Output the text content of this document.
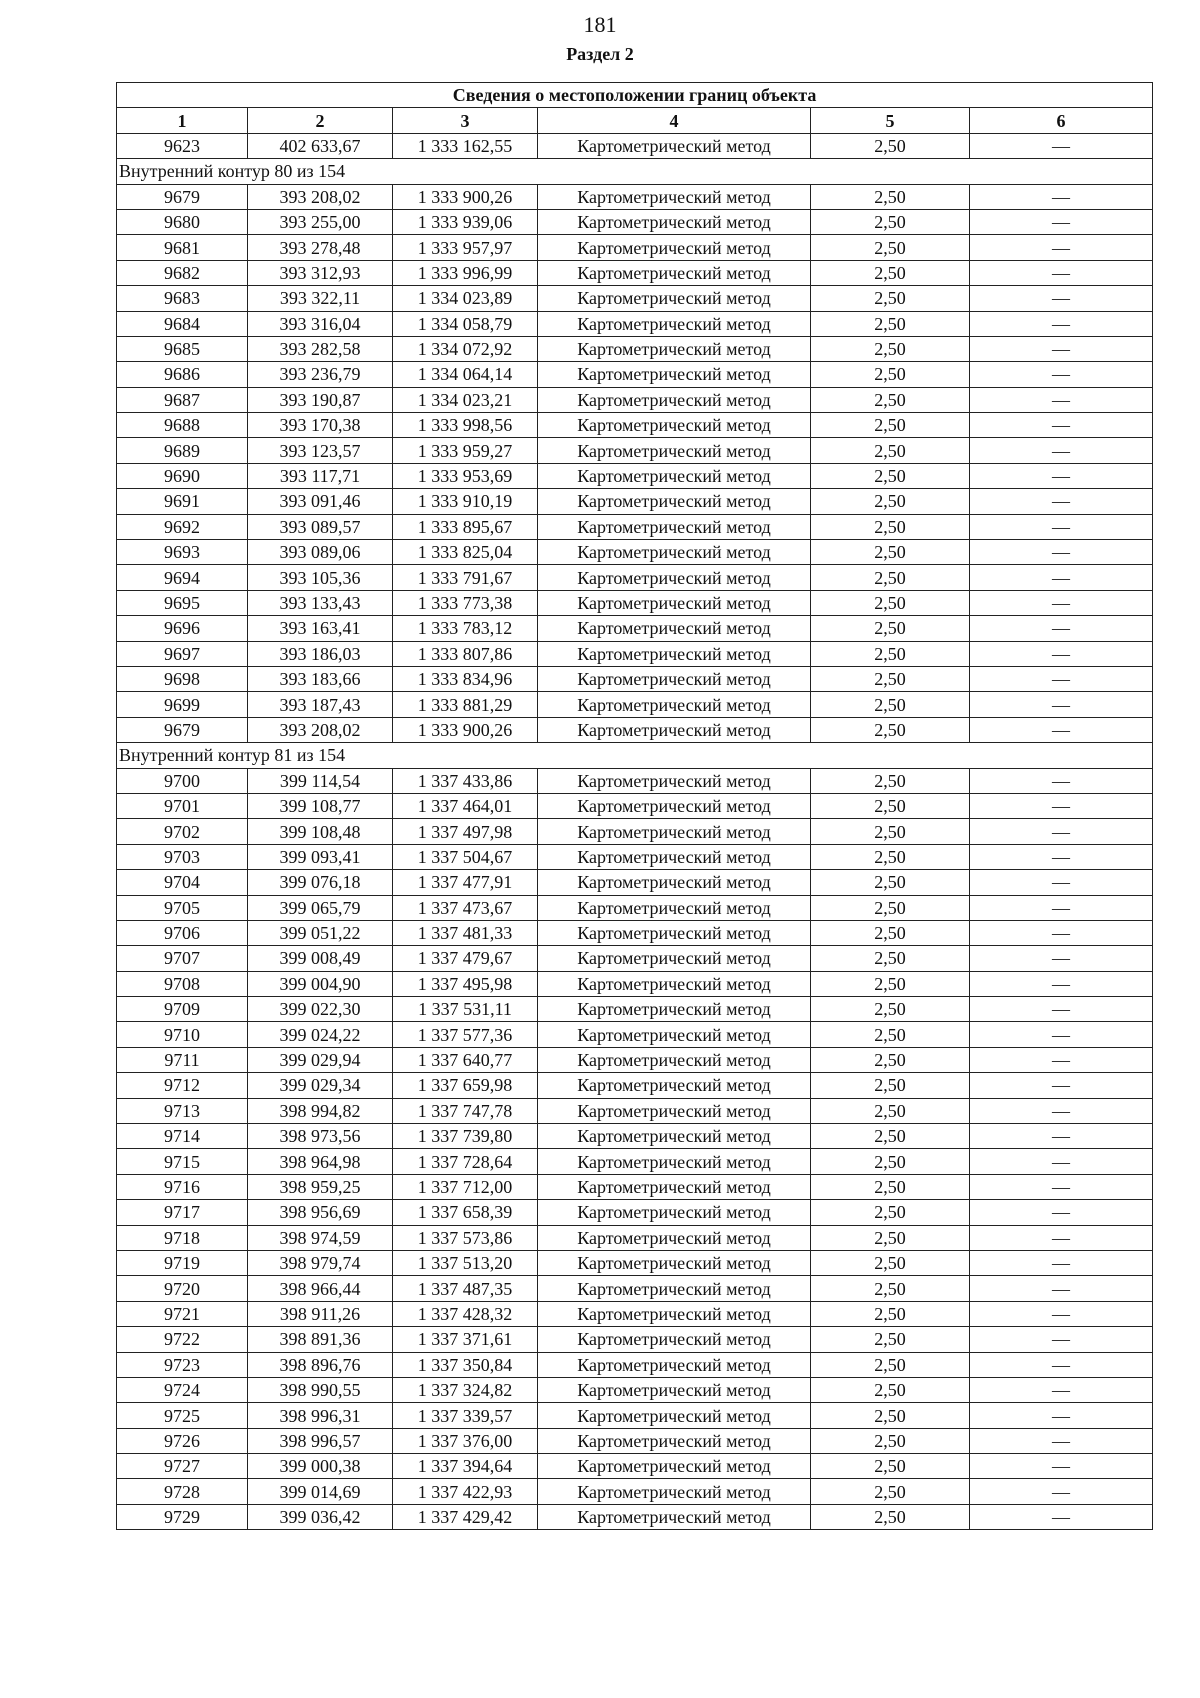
181
Раздел 2
Сведения о местоположении границ объекта					
1	2	3	4	5	6
9623	402 633,67	1 333 162,55	Картометрический метод	2,50	—
Внутренний контур 80 из 154					
9679	393 208,02	1 333 900,26	Картометрический метод	2,50	—
9680	393 255,00	1 333 939,06	Картометрический метод	2,50	—
9681	393 278,48	1 333 957,97	Картометрический метод	2,50	—
9682	393 312,93	1 333 996,99	Картометрический метод	2,50	—
9683	393 322,11	1 334 023,89	Картометрический метод	2,50	—
9684	393 316,04	1 334 058,79	Картометрический метод	2,50	—
9685	393 282,58	1 334 072,92	Картометрический метод	2,50	—
9686	393 236,79	1 334 064,14	Картометрический метод	2,50	—
9687	393 190,87	1 334 023,21	Картометрический метод	2,50	—
9688	393 170,38	1 333 998,56	Картометрический метод	2,50	—
9689	393 123,57	1 333 959,27	Картометрический метод	2,50	—
9690	393 117,71	1 333 953,69	Картометрический метод	2,50	—
9691	393 091,46	1 333 910,19	Картометрический метод	2,50	—
9692	393 089,57	1 333 895,67	Картометрический метод	2,50	—
9693	393 089,06	1 333 825,04	Картометрический метод	2,50	—
9694	393 105,36	1 333 791,67	Картометрический метод	2,50	—
9695	393 133,43	1 333 773,38	Картометрический метод	2,50	—
9696	393 163,41	1 333 783,12	Картометрический метод	2,50	—
9697	393 186,03	1 333 807,86	Картометрический метод	2,50	—
9698	393 183,66	1 333 834,96	Картометрический метод	2,50	—
9699	393 187,43	1 333 881,29	Картометрический метод	2,50	—
9679	393 208,02	1 333 900,26	Картометрический метод	2,50	—
Внутренний контур 81 из 154					
9700	399 114,54	1 337 433,86	Картометрический метод	2,50	—
9701	399 108,77	1 337 464,01	Картометрический метод	2,50	—
9702	399 108,48	1 337 497,98	Картометрический метод	2,50	—
9703	399 093,41	1 337 504,67	Картометрический метод	2,50	—
9704	399 076,18	1 337 477,91	Картометрический метод	2,50	—
9705	399 065,79	1 337 473,67	Картометрический метод	2,50	—
9706	399 051,22	1 337 481,33	Картометрический метод	2,50	—
9707	399 008,49	1 337 479,67	Картометрический метод	2,50	—
9708	399 004,90	1 337 495,98	Картометрический метод	2,50	—
9709	399 022,30	1 337 531,11	Картометрический метод	2,50	—
9710	399 024,22	1 337 577,36	Картометрический метод	2,50	—
9711	399 029,94	1 337 640,77	Картометрический метод	2,50	—
9712	399 029,34	1 337 659,98	Картометрический метод	2,50	—
9713	398 994,82	1 337 747,78	Картометрический метод	2,50	—
9714	398 973,56	1 337 739,80	Картометрический метод	2,50	—
9715	398 964,98	1 337 728,64	Картометрический метод	2,50	—
9716	398 959,25	1 337 712,00	Картометрический метод	2,50	—
9717	398 956,69	1 337 658,39	Картометрический метод	2,50	—
9718	398 974,59	1 337 573,86	Картометрический метод	2,50	—
9719	398 979,74	1 337 513,20	Картометрический метод	2,50	—
9720	398 966,44	1 337 487,35	Картометрический метод	2,50	—
9721	398 911,26	1 337 428,32	Картометрический метод	2,50	—
9722	398 891,36	1 337 371,61	Картометрический метод	2,50	—
9723	398 896,76	1 337 350,84	Картометрический метод	2,50	—
9724	398 990,55	1 337 324,82	Картометрический метод	2,50	—
9725	398 996,31	1 337 339,57	Картометрический метод	2,50	—
9726	398 996,57	1 337 376,00	Картометрический метод	2,50	—
9727	399 000,38	1 337 394,64	Картометрический метод	2,50	—
9728	399 014,69	1 337 422,93	Картометрический метод	2,50	—
9729	399 036,42	1 337 429,42	Картометрический метод	2,50	—
